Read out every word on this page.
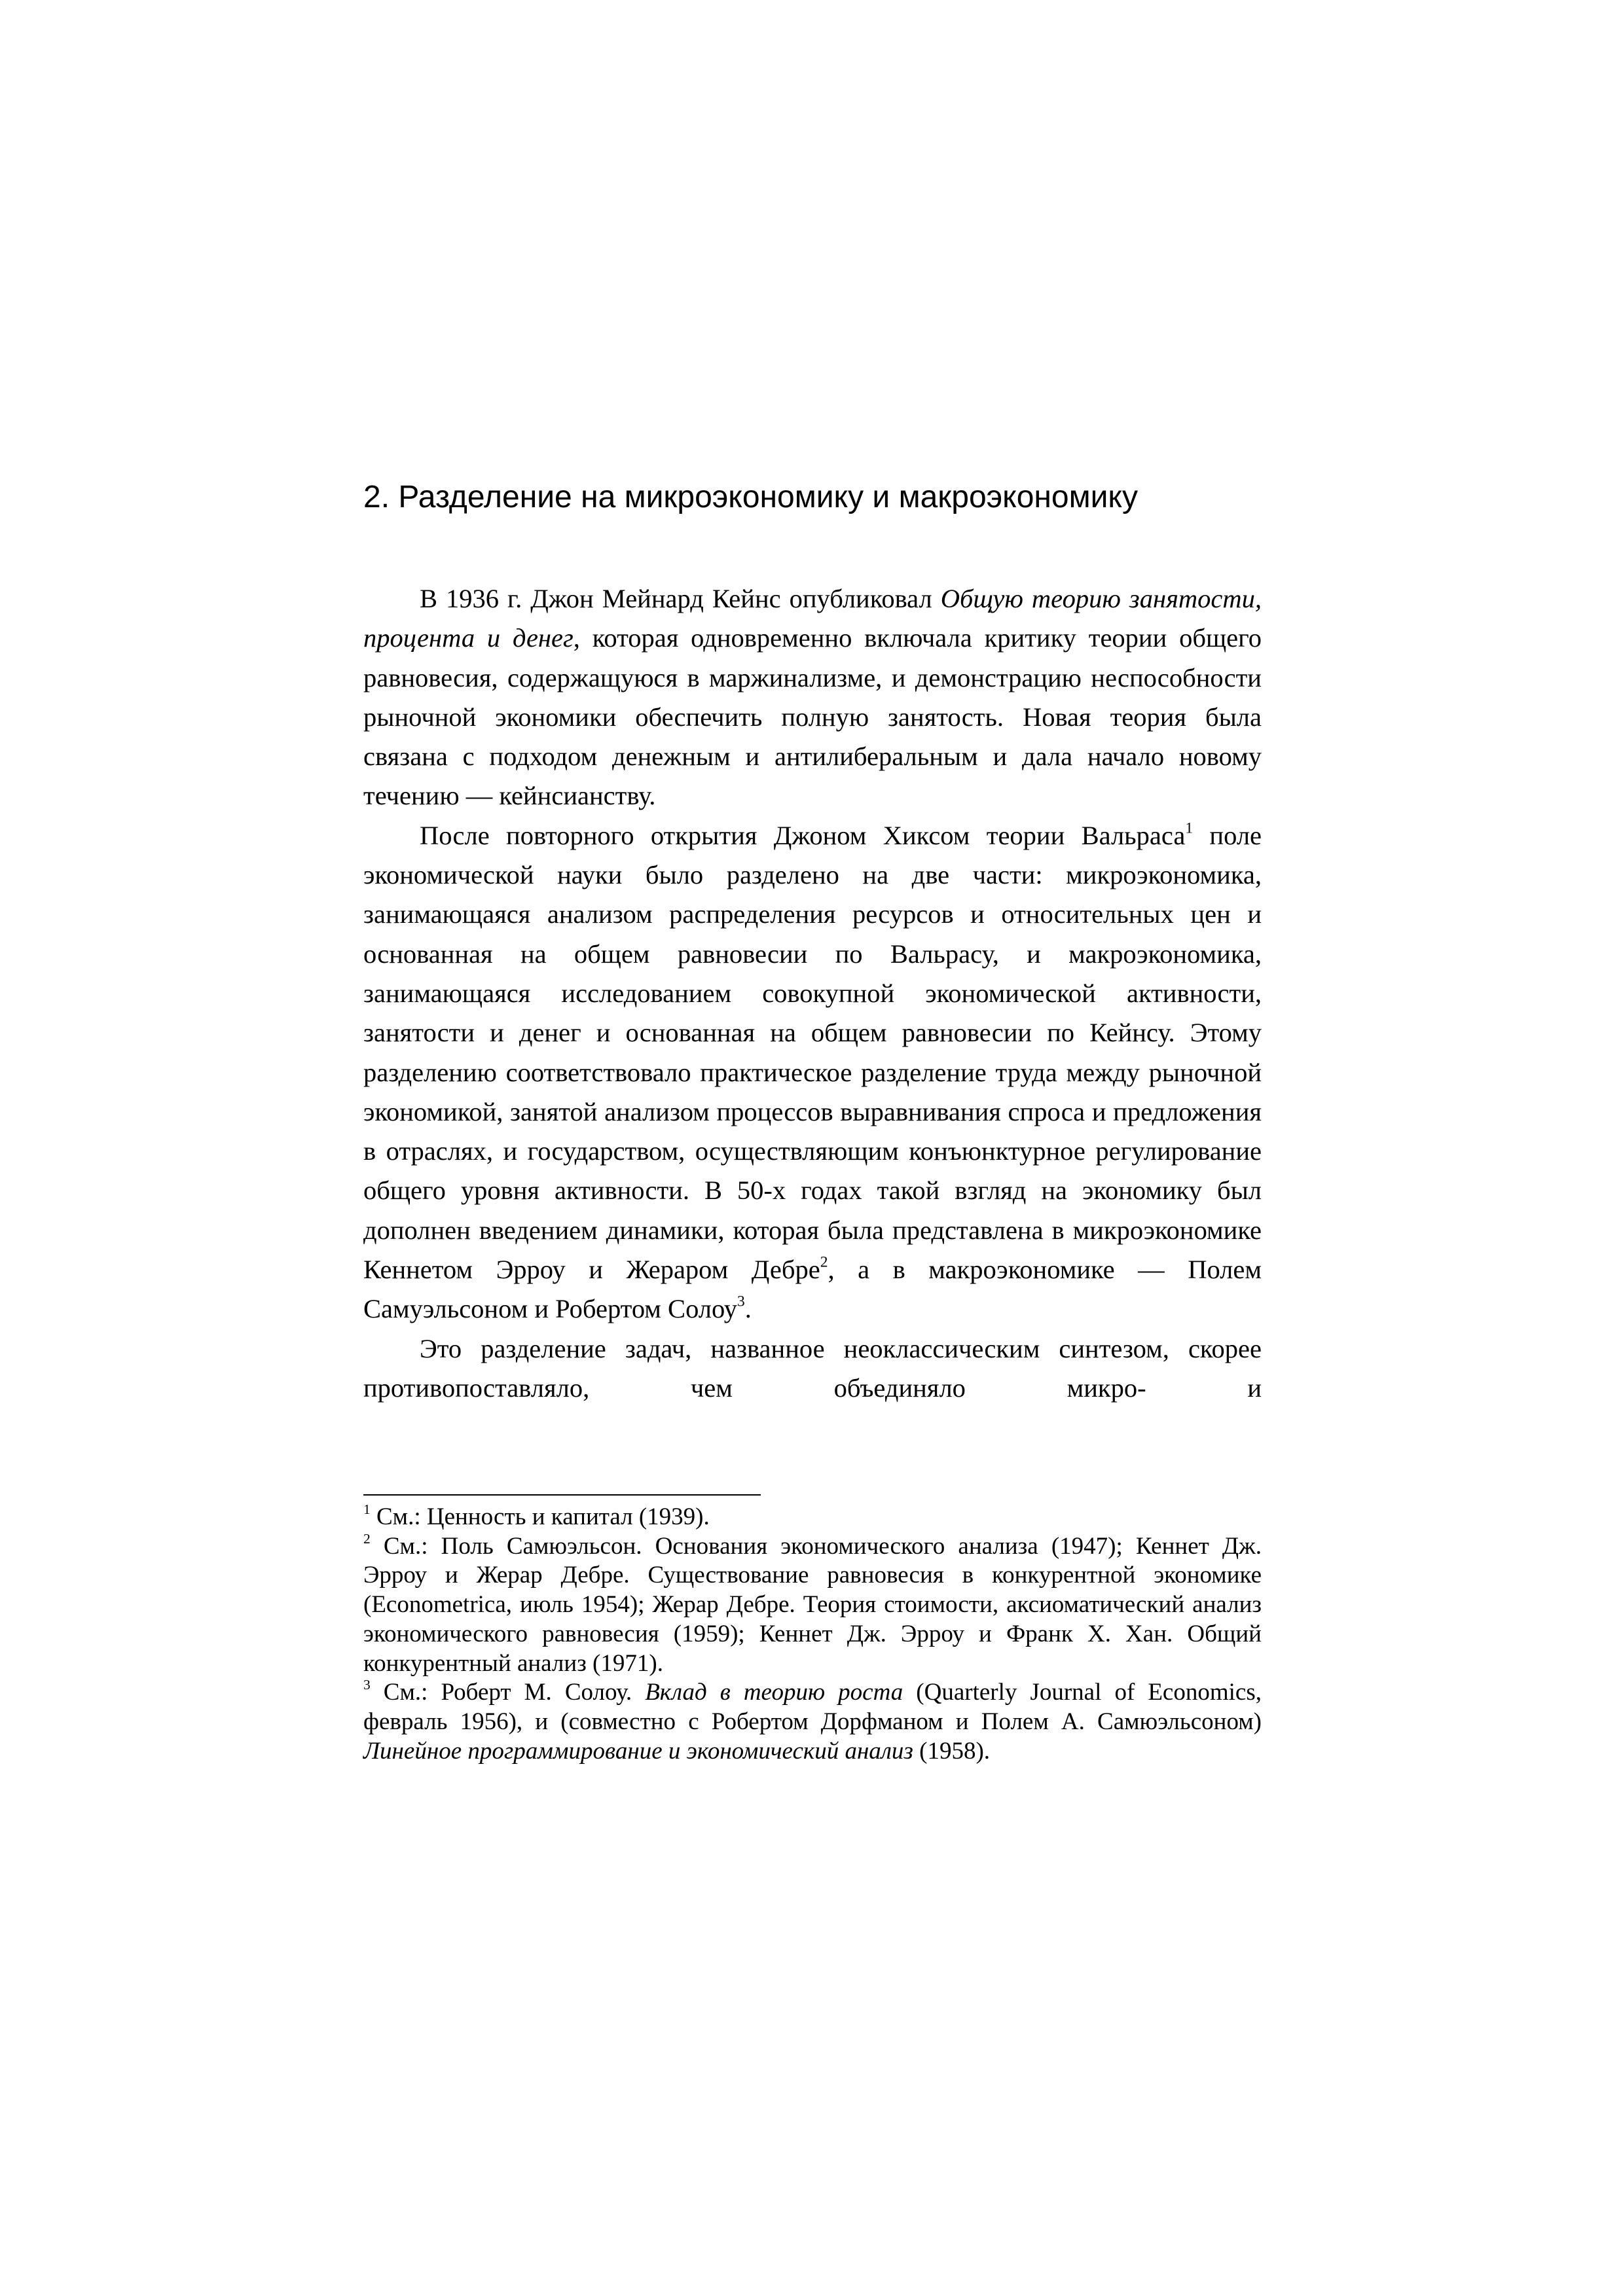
2. Разделение на микроэкономику и макроэкономику

В 1936 г. Джон Мейнард Кейнс опубликовал Общую теорию занятости, процента и денег, которая одновременно включала критику теории общего равновесия, содержащуюся в маржинализме, и демонстрацию неспособности рыночной экономики обеспечить полную занятость. Новая теория была связана с подходом денежным и антилиберальным и дала начало новому течению — кейнсианству.

После повторного открытия Джоном Хиксом теории Вальраса$^1$ поле экономической науки было разделено на две части: микроэкономика, занимающаяся анализом распределения ресурсов и относительных цен и основанная на общем равновесии по Вальрасу, и макроэкономика, занимающаяся исследованием совокупной экономической активности, занятости и денег и основанная на общем равновесии по Кейнсу. Этому разделению соответствовало практическое разделение труда между рыночной экономикой, занятой анализом процессов выравнивания спроса и предложения в отраслях, и государством, осуществляющим конъюнктурное регулирование общего уровня активности. В 50-х годах такой взгляд на экономику был дополнен введением динамики, которая была представлена в микроэкономике Кеннетом Эрроу и Жераром Дебре$^2$, а в макроэкономике — Полем Самуэльсоном и Робертом Солоу$^3$.

Это разделение задач, названное неоклассическим синтезом, скорее противопоставляло, чем объединяло микро- и

$^1$ См.: Ценность и капитал (1939).

$^2$ См.: Поль Самюэльсон. Основания экономического анализа (1947); Кеннет Дж. Эрроу и Жерар Дебре. Существование равновесия в конкурентной экономике (Econometrica, июль 1954); Жерар Дебре. Теория стоимости, аксиоматический анализ экономического равновесия (1959); Кеннет Дж. Эрроу и Франк Х. Хан. Общий конкурентный анализ (1971).

$^3$ См.: Роберт М. Солоу. Вклад в теорию роста (Quarterly Journal of Economics, февраль 1956), и (совместно с Робертом Дорфманом и Полем А. Самюэльсоном) Линейное программирование и экономический анализ (1958).
